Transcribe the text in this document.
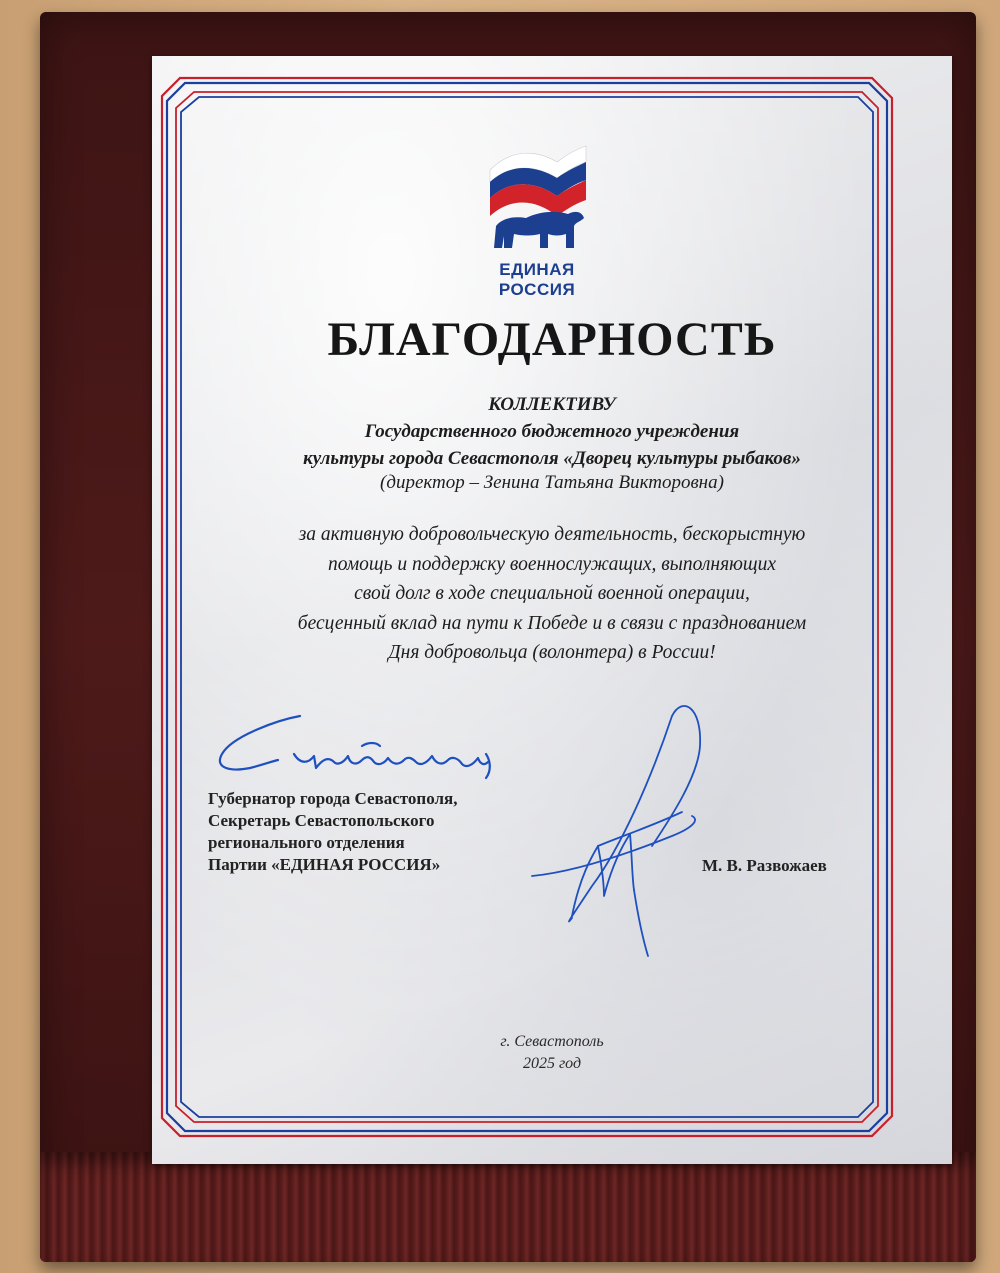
ЕДИНАЯ
РОССИЯ
БЛАГОДАРНОСТЬ
КОЛЛЕКТИВУ
Государственного бюджетного учреждения
культуры города Севастополя «Дворец культуры рыбаков»
(директор – Зенина Татьяна Викторовна)
за активную добровольческую деятельность, бескорыстную
помощь и поддержку военнослужащих, выполняющих
свой долг в ходе специальной военной операции,
бесценный вклад на пути к Победе и в связи с празднованием
Дня добровольца (волонтера) в России!
Губернатор города Севастополя,
Секретарь Севастопольского
регионального отделения
Партии «ЕДИНАЯ РОССИЯ»	М. В. Развожаев
г. Севастополь
2025 год
